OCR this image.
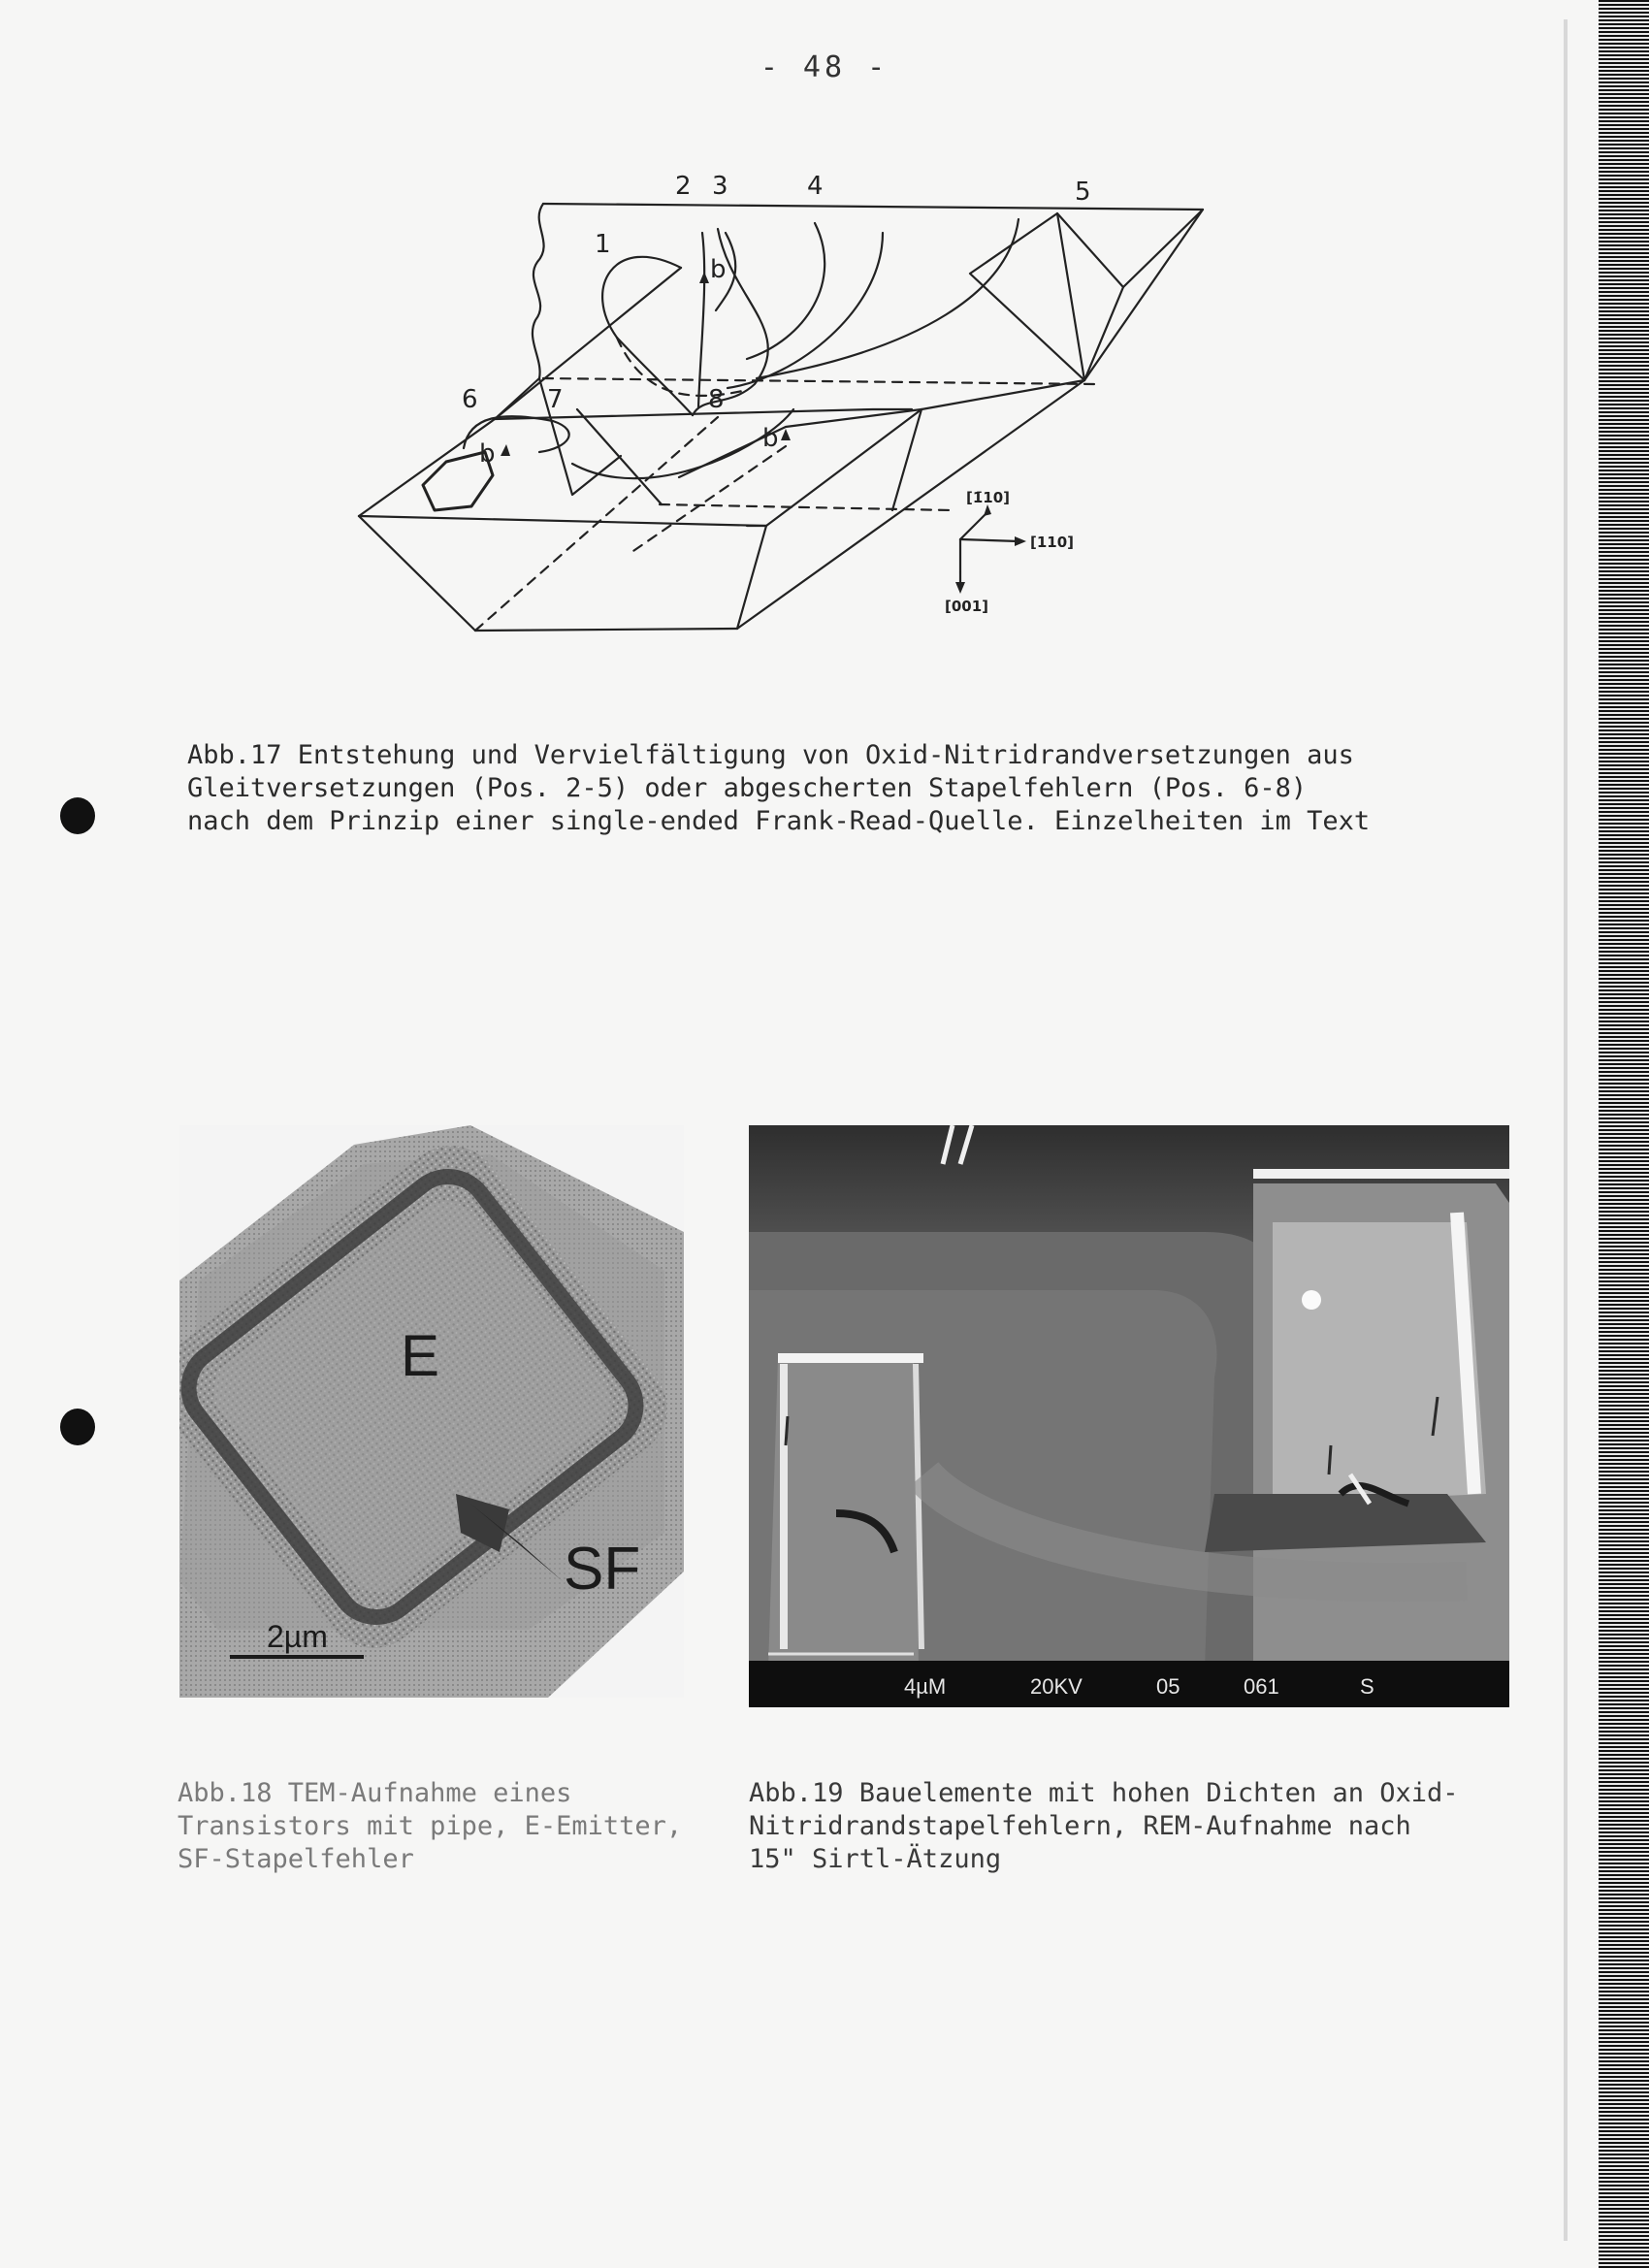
- 48 -
1
2 3	4	5
6	7	8
b
b
b
[1̄10]
[110]
[001]

Abb.17 Entstehung und Vervielfältigung von Oxid-Nitridrandversetzungen aus
Gleitversetzungen (Pos. 2-5) oder abgescherten Stapelfehlern (Pos. 6-8)
nach dem Prinzip einer single-ended Frank-Read-Quelle. Einzelheiten im Text

E
SF
2µm
4µM	20KV	05	061	S

Abb.18 TEM-Aufnahme eines
Transistors mit pipe, E-Emitter,
SF-Stapelfehler

Abb.19 Bauelemente mit hohen Dichten an Oxid-
Nitridrandstapelfehlern, REM-Aufnahme nach
15" Sirtl-Ätzung
